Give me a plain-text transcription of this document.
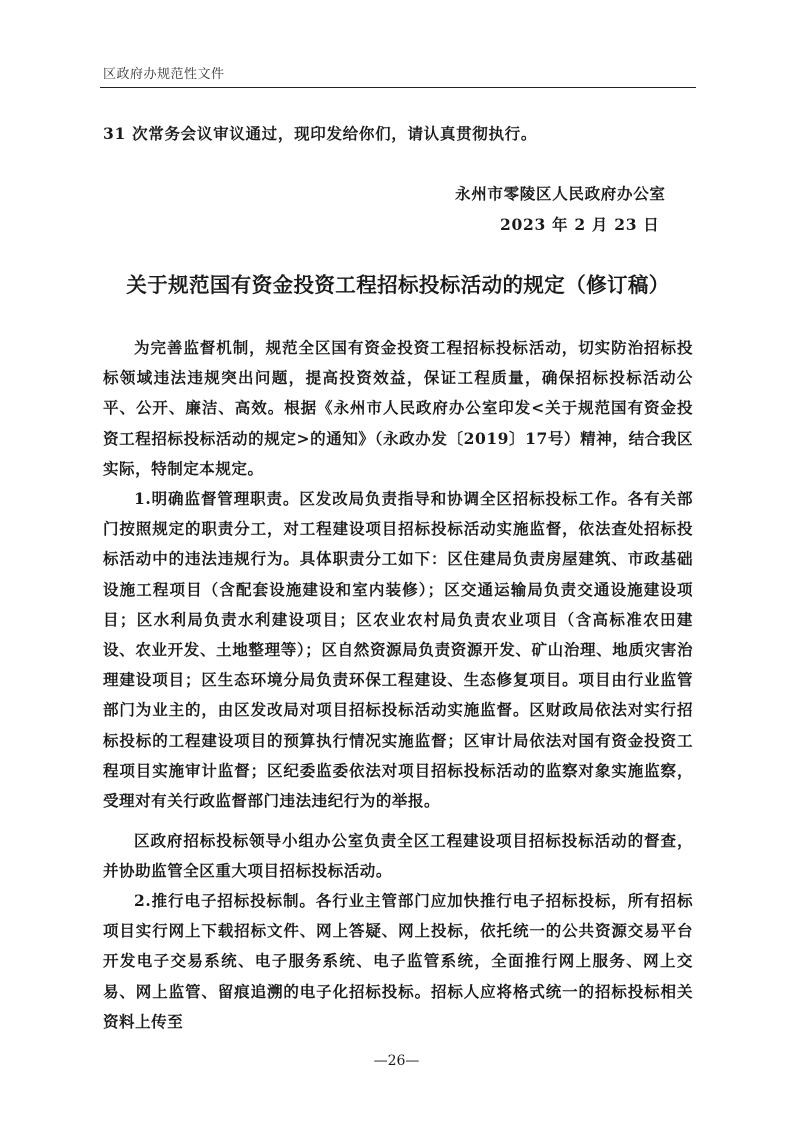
区政府办规范性文件
31 次常务会议审议通过，现印发给你们，请认真贯彻执行。
永州市零陵区人民政府办公室
2023 年 2 月 23 日
关于规范国有资金投资工程招标投标活动的规定（修订稿）

为完善监督机制，规范全区国有资金投资工程招标投标活动，切实防治招标投标领域违法违规突出问题，提高投资效益，保证工程质量，确保招标投标活动公平、公开、廉洁、高效。根据《永州市人民政府办公室印发<关于规范国有资金投资工程招标投标活动的规定>的通知》（永政办发〔2019〕17号）精神，结合我区实际，特制定本规定。

1.明确监督管理职责。区发改局负责指导和协调全区招标投标工作。各有关部门按照规定的职责分工，对工程建设项目招标投标活动实施监督，依法查处招标投标活动中的违法违规行为。具体职责分工如下：区住建局负责房屋建筑、市政基础设施工程项目（含配套设施建设和室内装修）；区交通运输局负责交通设施建设项目；区水利局负责水利建设项目；区农业农村局负责农业项目（含高标准农田建设、农业开发、土地整理等）；区自然资源局负责资源开发、矿山治理、地质灾害治理建设项目；区生态环境分局负责环保工程建设、生态修复项目。项目由行业监管部门为业主的，由区发改局对项目招标投标活动实施监督。区财政局依法对实行招标投标的工程建设项目的预算执行情况实施监督；区审计局依法对国有资金投资工程项目实施审计监督；区纪委监委依法对项目招标投标活动的监察对象实施监察，受理对有关行政监督部门违法违纪行为的举报。

区政府招标投标领导小组办公室负责全区工程建设项目招标投标活动的督查，并协助监管全区重大项目招标投标活动。

2.推行电子招标投标制。各行业主管部门应加快推行电子招标投标，所有招标项目实行网上下载招标文件、网上答疑、网上投标，依托统一的公共资源交易平台开发电子交易系统、电子服务系统、电子监管系统，全面推行网上服务、网上交易、网上监管、留痕追溯的电子化招标投标。招标人应将格式统一的招标投标相关资料上传至

—26—
